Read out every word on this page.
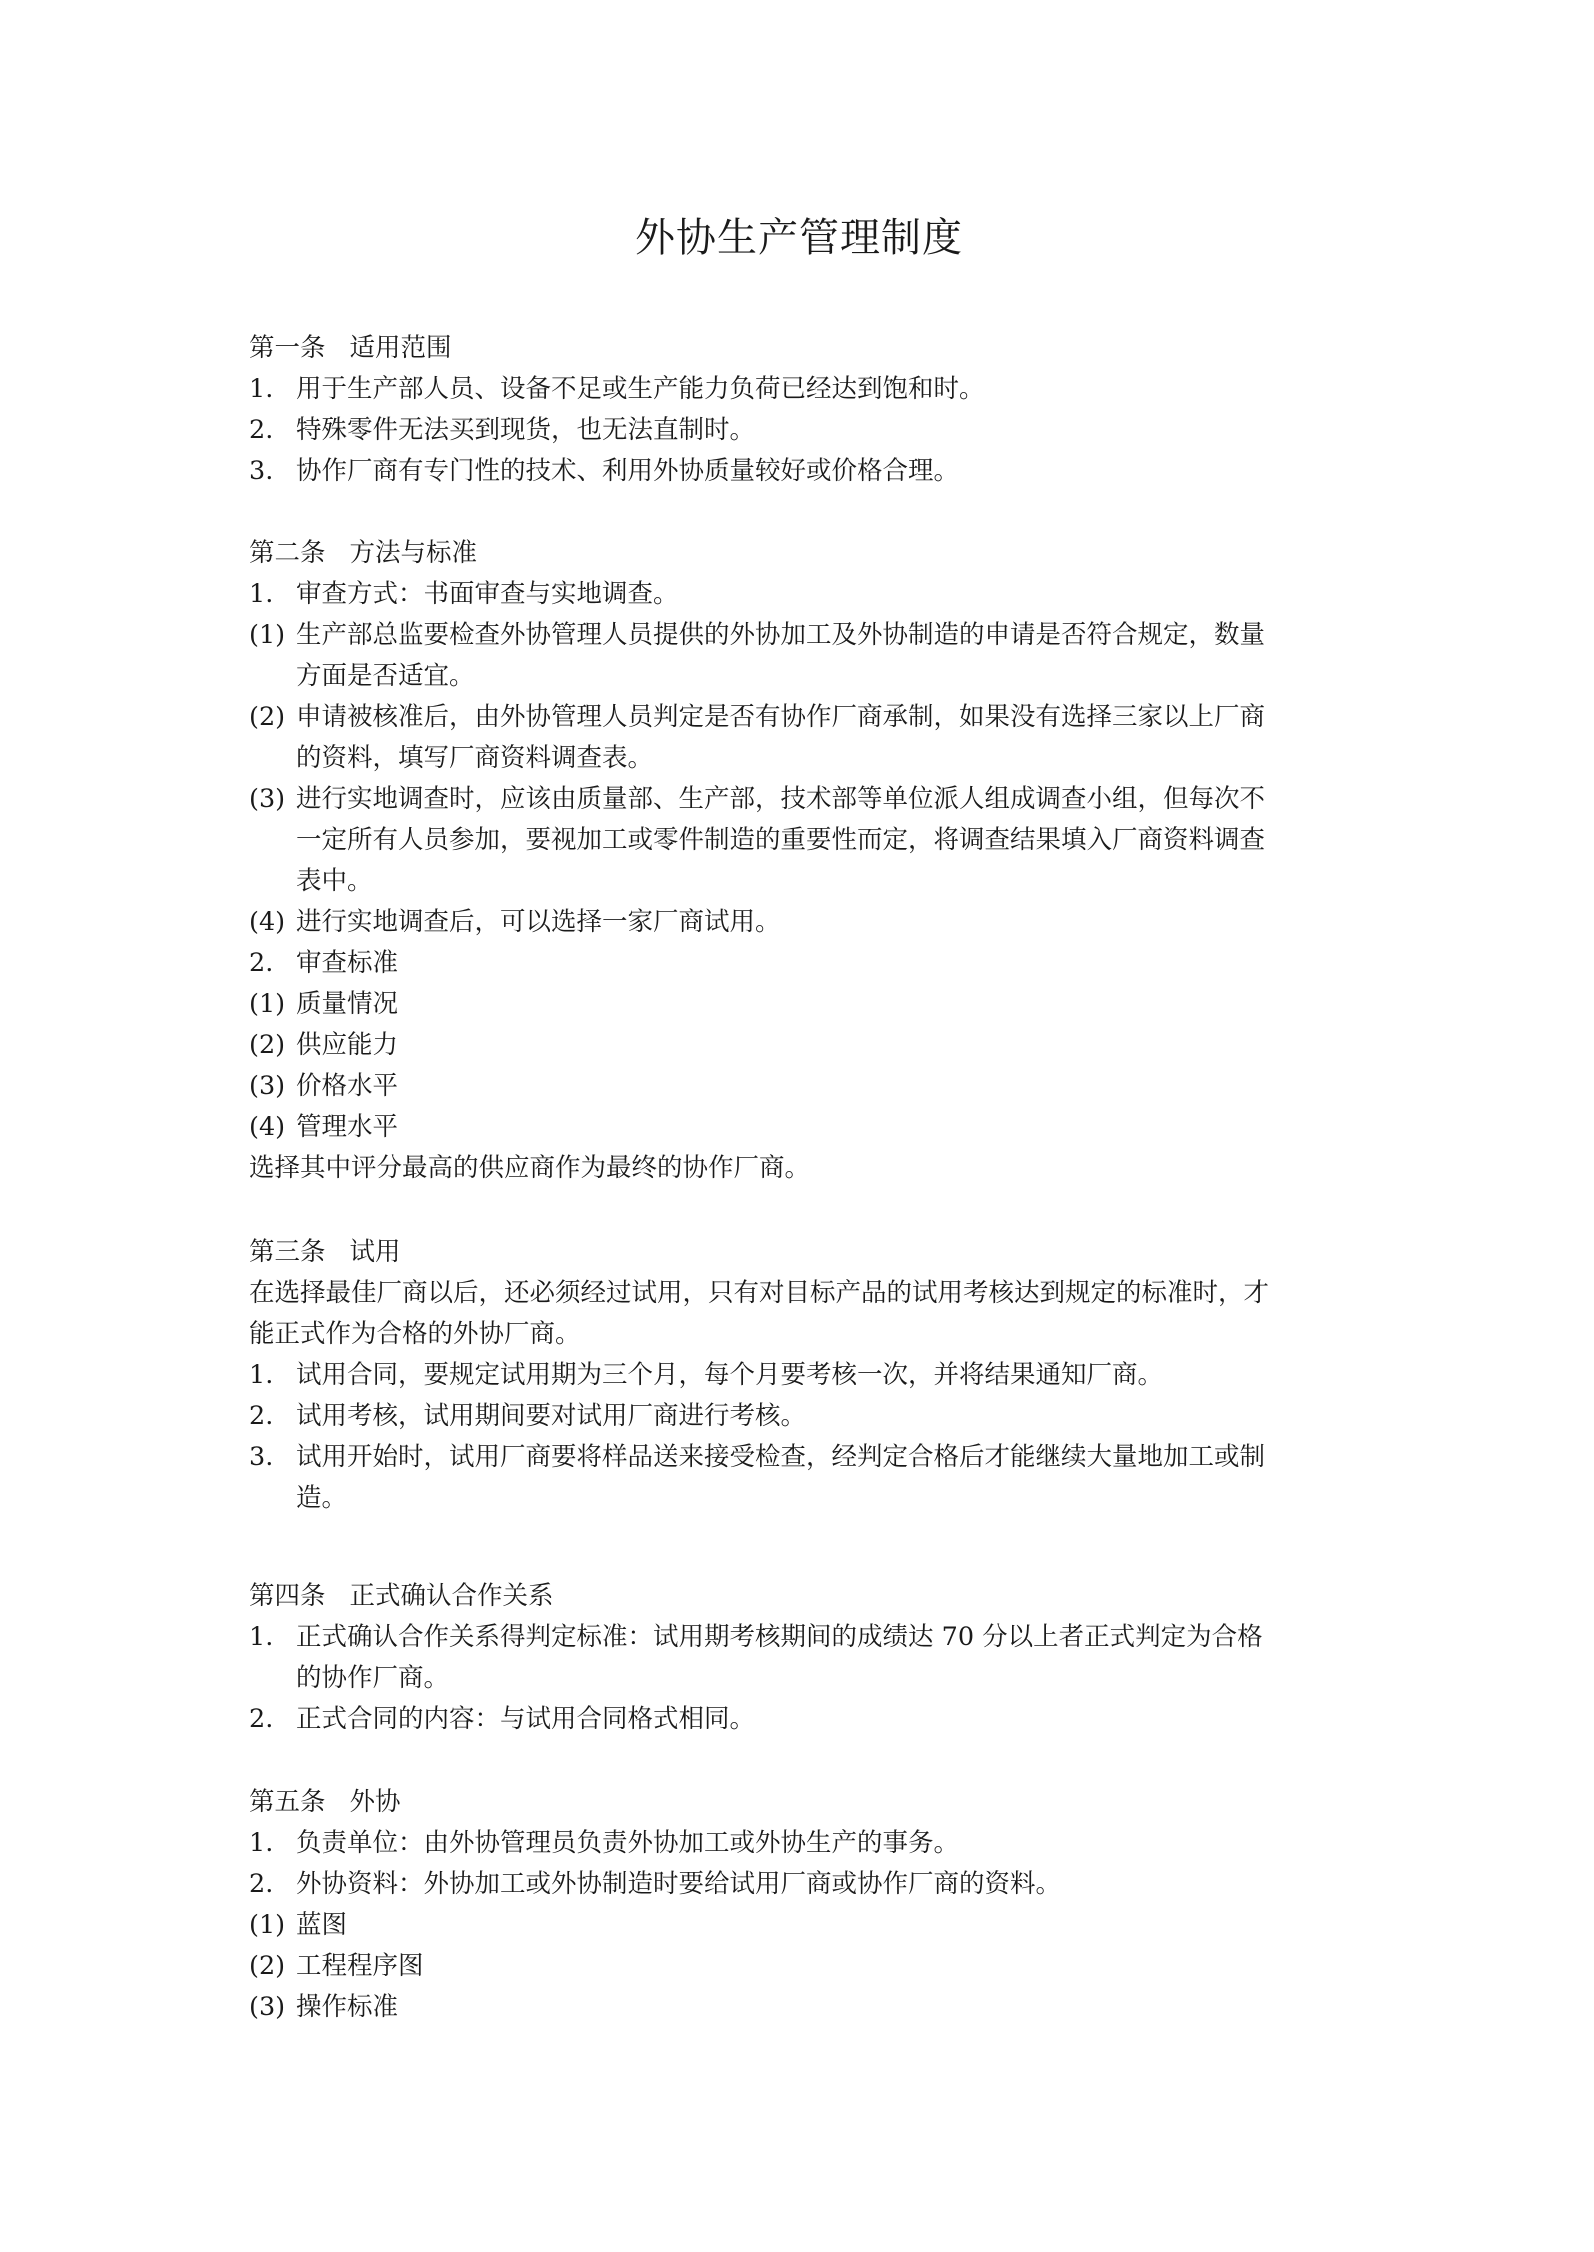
外协生产管理制度

第一条 适用范围

1. 用于生产部人员、设备不足或生产能力负荷已经达到饱和时。

2. 特殊零件无法买到现货，也无法直制时。

3. 协作厂商有专门性的技术、利用外协质量较好或价格合理。

第二条 方法与标准

1. 审查方式：书面审查与实地调查。

(1) 生产部总监要检查外协管理人员提供的外协加工及外协制造的申请是否符合规定，数量

方面是否适宜。

(2) 申请被核准后，由外协管理人员判定是否有协作厂商承制，如果没有选择三家以上厂商

的资料，填写厂商资料调查表。

(3) 进行实地调查时，应该由质量部、生产部，技术部等单位派人组成调查小组，但每次不

一定所有人员参加，要视加工或零件制造的重要性而定，将调查结果填入厂商资料调查

表中。

(4) 进行实地调查后，可以选择一家厂商试用。

2. 审查标准

(1) 质量情况

(2) 供应能力

(3) 价格水平

(4) 管理水平

选择其中评分最高的供应商作为最终的协作厂商。

第三条 试用

在选择最佳厂商以后，还必须经过试用，只有对目标产品的试用考核达到规定的标准时，才

能正式作为合格的外协厂商。

1. 试用合同，要规定试用期为三个月，每个月要考核一次，并将结果通知厂商。

2. 试用考核，试用期间要对试用厂商进行考核。

3. 试用开始时，试用厂商要将样品送来接受检查，经判定合格后才能继续大量地加工或制

造。

第四条 正式确认合作关系

1. 正式确认合作关系得判定标准：试用期考核期间的成绩达 70 分以上者正式判定为合格

的协作厂商。

2. 正式合同的内容：与试用合同格式相同。

第五条 外协

1. 负责单位：由外协管理员负责外协加工或外协生产的事务。

2. 外协资料：外协加工或外协制造时要给试用厂商或协作厂商的资料。

(1) 蓝图

(2) 工程程序图

(3) 操作标准
